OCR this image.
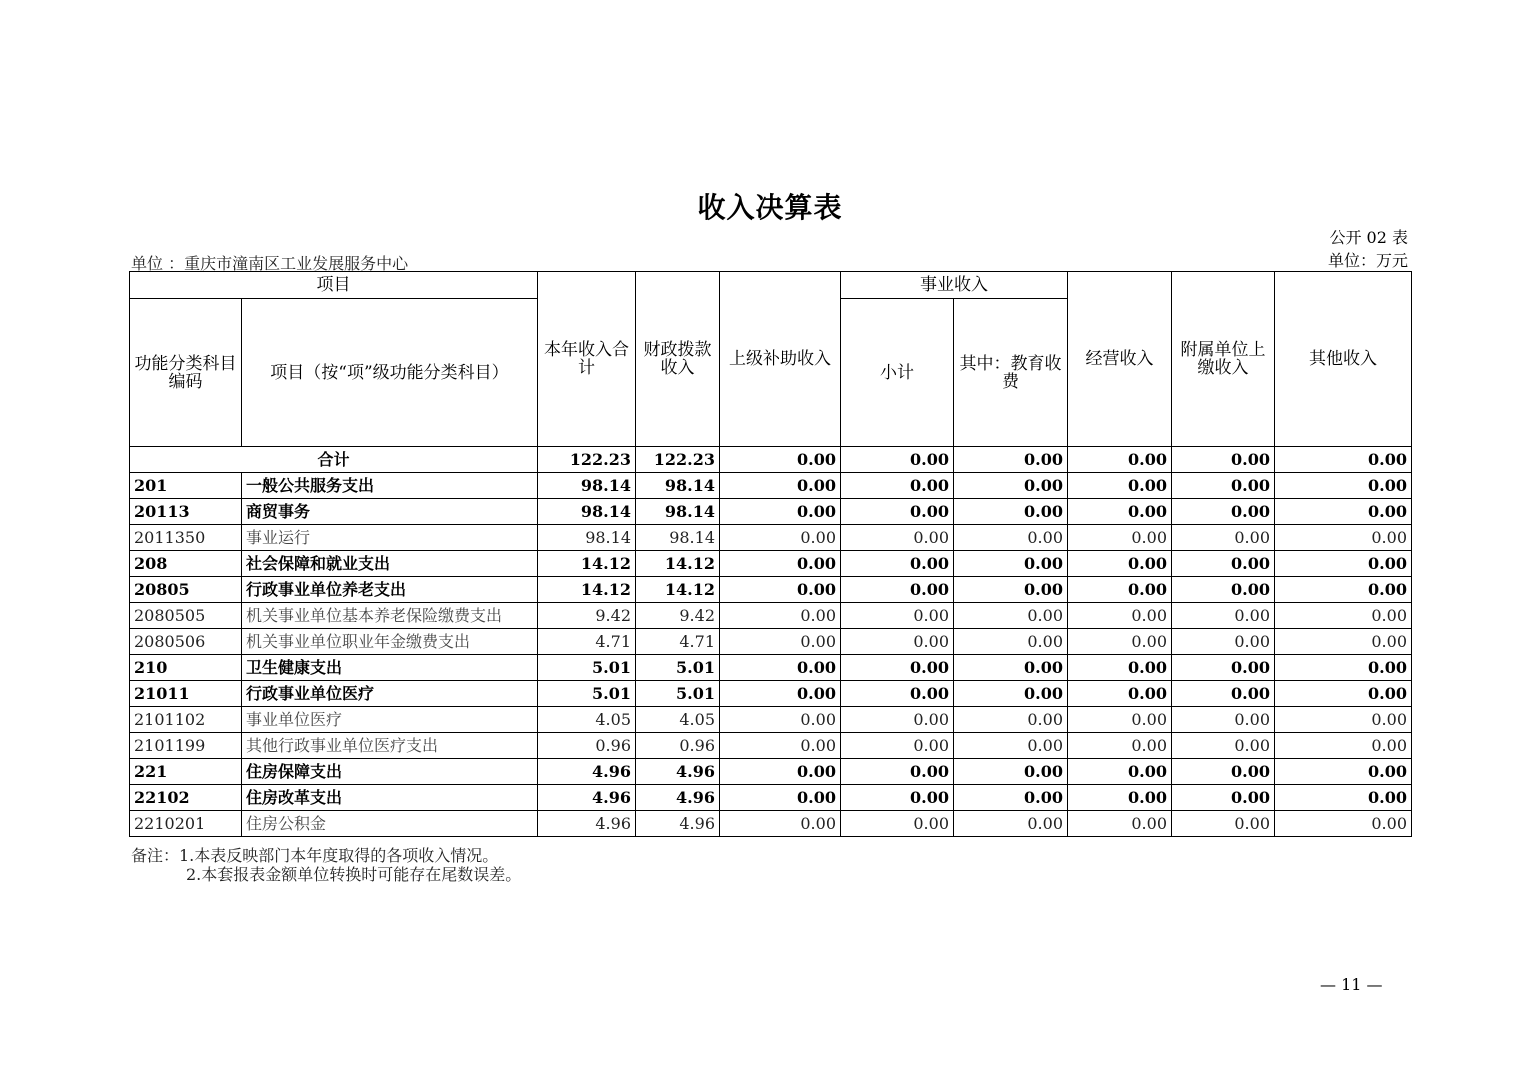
收入决算表
公开 02 表
单位：万元
单位 ：重庆市潼南区工业发展服务中心
项目		本年收入合计	财政拨款收入	上级补助收入	事业收入		经营收入	附属单位上缴收入	其他收入
功能分类科目编码	项目（按“项”级功能分类科目）				小计	其中：教育收费			
合计		122.23	122.23	0.00	0.00	0.00	0.00	0.00	0.00
201	一般公共服务支出	98.14	98.14	0.00	0.00	0.00	0.00	0.00	0.00
20113	商贸事务	98.14	98.14	0.00	0.00	0.00	0.00	0.00	0.00
2011350	事业运行	98.14	98.14	0.00	0.00	0.00	0.00	0.00	0.00
208	社会保障和就业支出	14.12	14.12	0.00	0.00	0.00	0.00	0.00	0.00
20805	行政事业单位养老支出	14.12	14.12	0.00	0.00	0.00	0.00	0.00	0.00
2080505	机关事业单位基本养老保险缴费支出	9.42	9.42	0.00	0.00	0.00	0.00	0.00	0.00
2080506	机关事业单位职业年金缴费支出	4.71	4.71	0.00	0.00	0.00	0.00	0.00	0.00
210	卫生健康支出	5.01	5.01	0.00	0.00	0.00	0.00	0.00	0.00
21011	行政事业单位医疗	5.01	5.01	0.00	0.00	0.00	0.00	0.00	0.00
2101102	事业单位医疗	4.05	4.05	0.00	0.00	0.00	0.00	0.00	0.00
2101199	其他行政事业单位医疗支出	0.96	0.96	0.00	0.00	0.00	0.00	0.00	0.00
221	住房保障支出	4.96	4.96	0.00	0.00	0.00	0.00	0.00	0.00
22102	住房改革支出	4.96	4.96	0.00	0.00	0.00	0.00	0.00	0.00
2210201	住房公积金	4.96	4.96	0.00	0.00	0.00	0.00	0.00	0.00
备注：1.本表反映部门本年度取得的各项收入情况。
2.本套报表金额单位转换时可能存在尾数误差。
— 11 —
